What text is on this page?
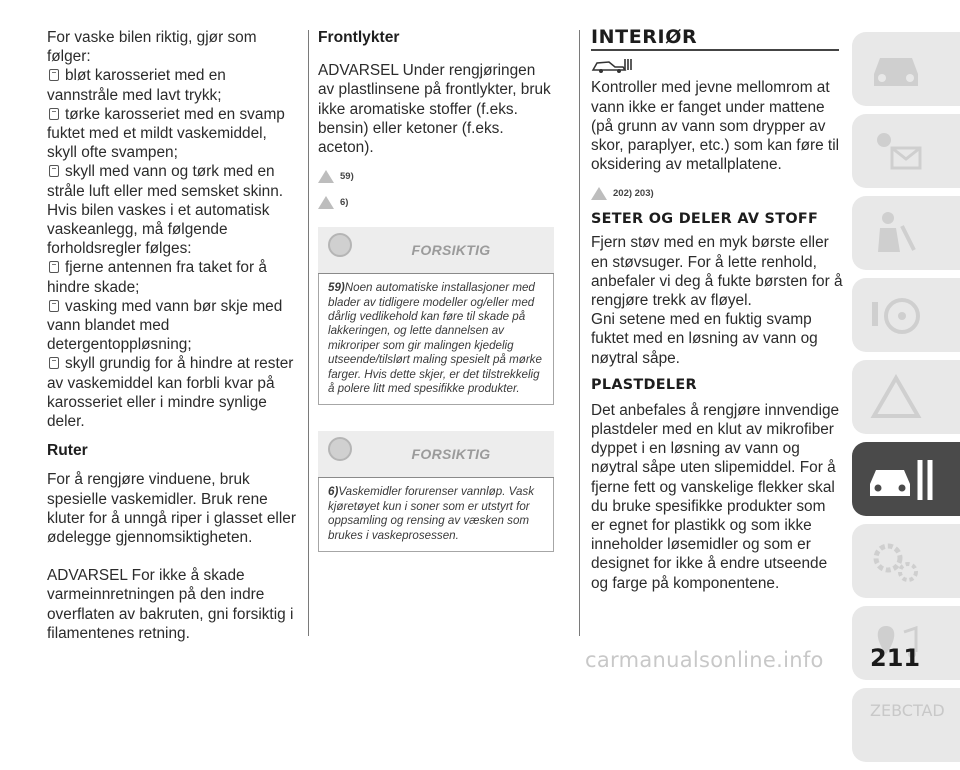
For vaske bilen riktig, gjør som følger:

bløt karosseriet med en vannstråle med lavt trykk;

tørke karosseriet med en svamp fuktet med et mildt vaskemiddel, skyll ofte svampen;

skyll med vann og tørk med en stråle luft eller med semsket skinn.

Hvis bilen vaskes i et automatisk vaskeanlegg, må følgende forholdsregler følges:

fjerne antennen fra taket for å hindre skade;

vasking med vann bør skje med vann blandet med detergentoppløsning;

skyll grundig for å hindre at rester av vaskemiddel kan forbli kvar på karosseriet eller i mindre synlige deler.

Ruter

For å rengjøre vinduene, bruk spesielle vaskemidler. Bruk rene kluter for å unngå riper i glasset eller ødelegge gjennomsiktigheten.

ADVARSEL For ikke å skade varmeinnretningen på den indre overflaten av bakruten, gni forsiktig i filamentenes retning.

Frontlykter

ADVARSEL Under rengjøringen av plastlinsene på frontlykter, bruk ikke aromatiske stoffer (f.eks. bensin) eller ketoner (f.eks. aceton).

59)
6)
FORSIKTIG
59)Noen automatiske installasjoner med blader av tidligere modeller og/eller med dårlig vedlikehold kan føre til skade på lakkeringen, og lette dannelsen av mikroriper som gir malingen kjedelig utseende/tilslørt maling spesielt på mørke farger. Hvis dette skjer, er det tilstrekkelig å polere litt med spesifikke produkter.
FORSIKTIG
6)Vaskemidler forurenser vannløp. Vask kjøretøyet kun i soner som er utstyrt for oppsamling og rensing av væsken som brukes i vaskeprosessen.
INTERIØR

Kontroller med jevne mellomrom at vann ikke er fanget under mattene (på grunn av vann som drypper av skor, paraplyer, etc.) som kan føre til oksidering av metallplatene.

202) 203)
SETER OG DELER AV STOFF

Fjern støv med en myk børste eller en støvsuger. For å lette renhold, anbefaler vi deg å fukte børsten for å rengjøre trekk av fløyel.

Gni setene med en fuktig svamp fuktet med en løsning av vann og nøytral såpe.

PLASTDELER

Det anbefales å rengjøre innvendige plastdeler med en klut av mikrofiber dyppet i en løsning av vann og nøytral såpe uten slipemiddel. For å fjerne fett og vanskelige flekker skal du bruke spesifikke produkter som er egnet for plastikk og som ikke inneholder løsemidler og som er designet for ikke å endre utseende og farge på komponentene.

ZEBCTAD
carmanualsonline.info 211
